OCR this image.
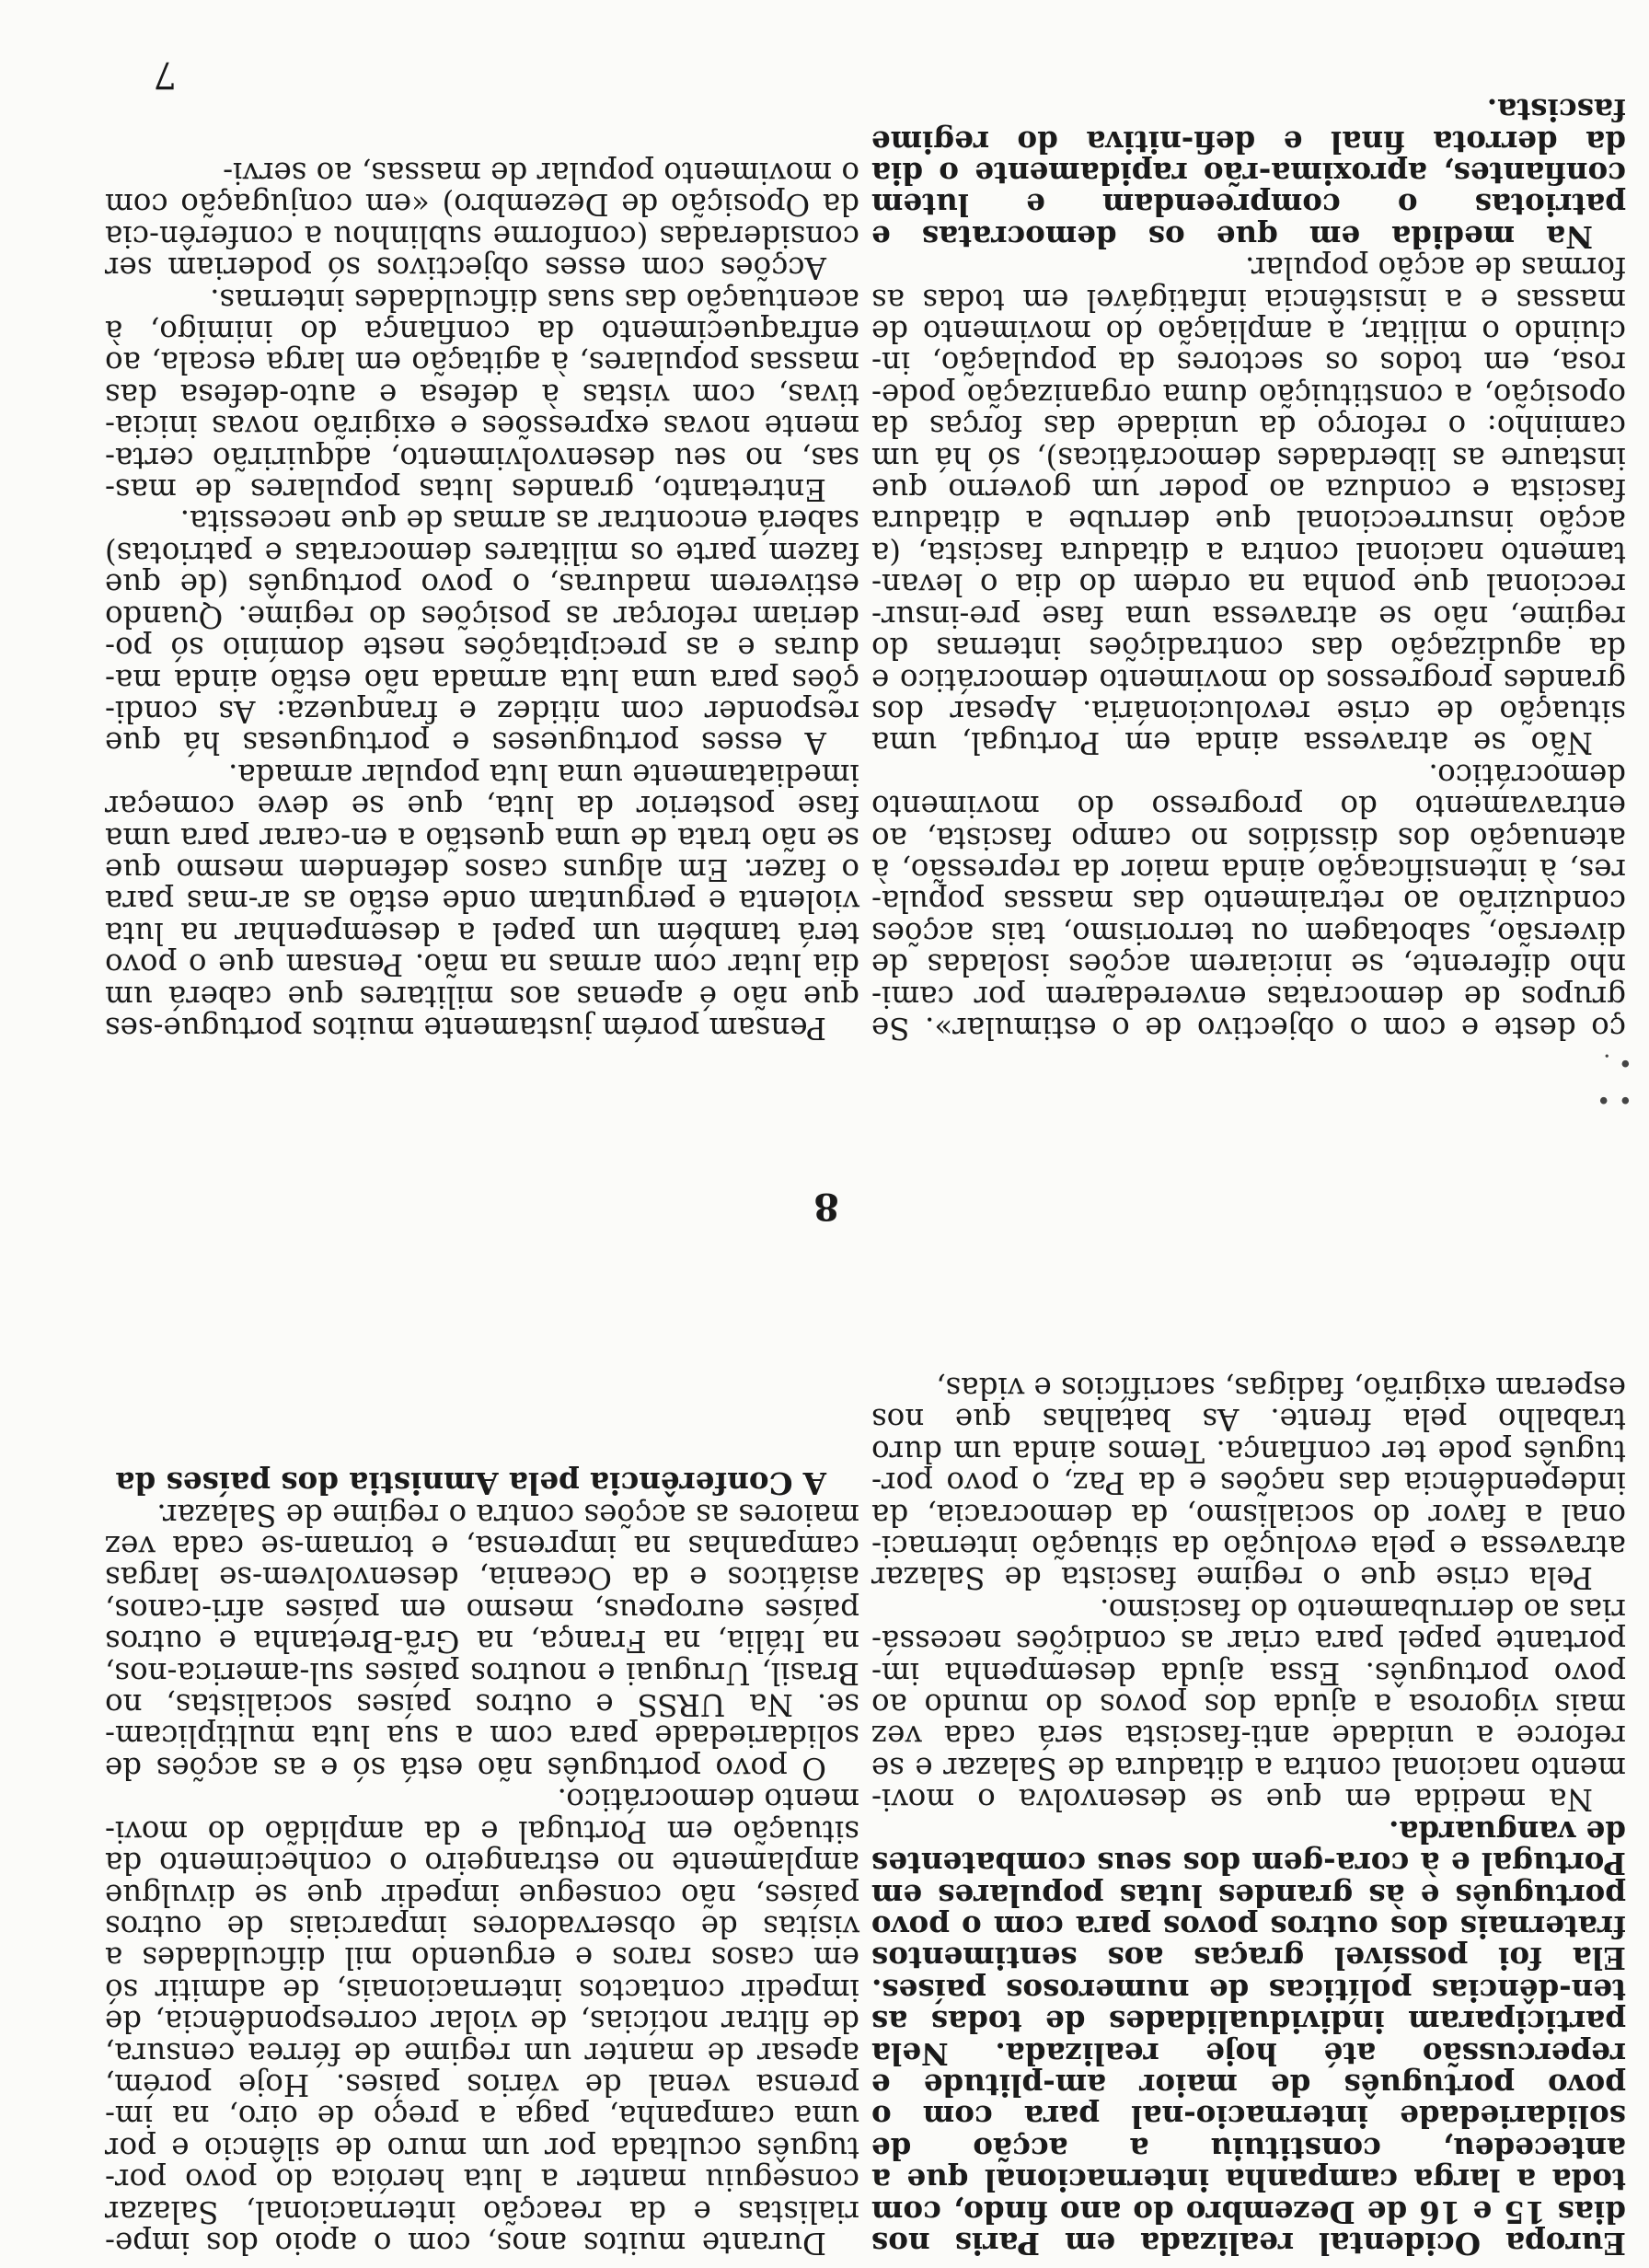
7
8

Pensam porém justamente muitos portugue-ses que não é apenas aos militares que caberá um dia lutar com armas na mão. Pensam que o povo terá também um papel a desempenhar na luta violenta e perguntam onde estão as ar-mas para o fazer. Em alguns casos defendem mesmo que se não trata de uma questão a en-carar para uma fase posterior da luta, que se deve começar imediatamente uma luta popular armada.

A esses portugueses e portuguesas há que responder com nitidez e franqueza: As condi-ções para uma luta armada não estão ainda ma-duras e as precipitações neste domínio só po-deriam reforçar as posições do regime. Quando estiverem maduras, o povo português (de que fazem parte os militares democratas e patriotas) saberá encontrar as armas de que necessita.

Entretanto, grandes lutas populares de mas-sas, no seu desenvolvimento, adquirirão certa-mente novas expressões e exigirão novas inicia-tivas, com vistas à defesa e auto-defesa das massas populares, à agitação em larga escala, ao enfraquecimento da confiança do inimigo, à acentuação das suas dificuldades internas.

Acções com esses objectivos só poderiam ser consideradas (conforme sublinhou a conferên-cia da Oposição de Dezembro) «em conjugação com o movimento popular de massas, ao servi-

ço deste e com o objectivo de o estimular». Se grupos de democratas enveredarem por cami-nho diferente, se iniciarem acções isoladas de diversão, sabotagem ou terrorismo, tais acções conduzirão ao retraimento das massas popula-res, à intensificação ainda maior da repressão, à atenuação dos dissídios no campo fascista, ao entravamento do progresso do movimento democrático.

Não se atravessa ainda em Portugal, uma situação de crise revolucionária. Apesar dos grandes progressos do movimento democrático e da agudização das contradições internas do regime, não se atravessa uma fase pre-insur-reccional que ponha na ordem do dia o levan-tamento nacional contra a ditadura fascista, (a acção insurreccional que derrube a ditadura fascista e conduza ao poder um governo que instaure as liberdades democráticas), só há um caminho: o reforço da unidade das forças da oposição, a constituição duma organização pode-rosa, em todos os sectores da população, in-cluindo o militar, a ampliação do movimento de massas e a insistência infatigável em todas as formas de acção popular.

Na medida em que os democratas e patriotas o compreendam e lutem confiantes, aproxima-rão rapidamente o dia da derrota final e defi-nitiva do regime fascista.

Durante muitos anos, com o apoio dos impe-rialistas e da reacção internacional, Salazar conseguiu manter a luta heróica do povo por-tuguês ocultada por um muro de silêncio e por uma campanha, paga a preço de oiro, na im-prensa venal de vários países. Hoje porém, apesar de manter um regime de férrea censura, de filtrar notícias, de violar correspondência, de impedir contactos internacionais, de admitir só em casos raros e erguendo mil dificuldades a visitas de observadores imparciais de outros países, não consegue impedir que se divulgue amplamente no estrangeiro o conhecimento da situação em Portugal e da amplidão do movi-mento democrático.

O povo português não está só e as acções de solidariedade para com a sua luta multiplicam-se. Na URSS e outros países socialistas, no Brasil, Uruguai e noutros países sul-america-nos, na Itália, na França, na Grã-Bretanha e outros países europeus, mesmo em países afri-canos, asiáticos e da Oceania, desenvolvem-se largas campanhas na imprensa, e tornam-se cada vez maiores as acções contra o regime de Salazar.

A Conferência pela Amnistia dos países da

Europa Ocidental realizada em Paris nos dias 15 e 16 de Dezembro do ano findo, com toda a larga campanha internacional que a antecedeu, constituiu a acção de solidariedade internacio-nal para com o povo português de maior am-plitude e repercussão até hoje realizada. Nela participaram individualidades de todas as ten-dências políticas de numerosos países. Ela foi possível graças aos sentimentos fraternais dos outros povos para com o povo português e às grandes lutas populares em Portugal e à cora-gem dos seus combatentes de vanguarda.

Na medida em que se desenvolva o movi-mento nacional contra a ditadura de Salazar e se reforce a unidade anti-fascista será cada vez mais vigorosa a ajuda dos povos do mundo ao povo português. Essa ajuda desempenha im-portante papel para criar as condições necessá-rias ao derrubamento do fascismo.

Pela crise que o regime fascista de Salazar atravessa e pela evolução da situação internaci-onal a favor do socialismo, da democracia, da independência das nações e da Paz, o povo por-tuguês pode ter confiança. Temos ainda um duro trabalho pela frente. As batalhas que nos esperam exigirão, fadigas, sacrifícios e vidas,

• •
• .
